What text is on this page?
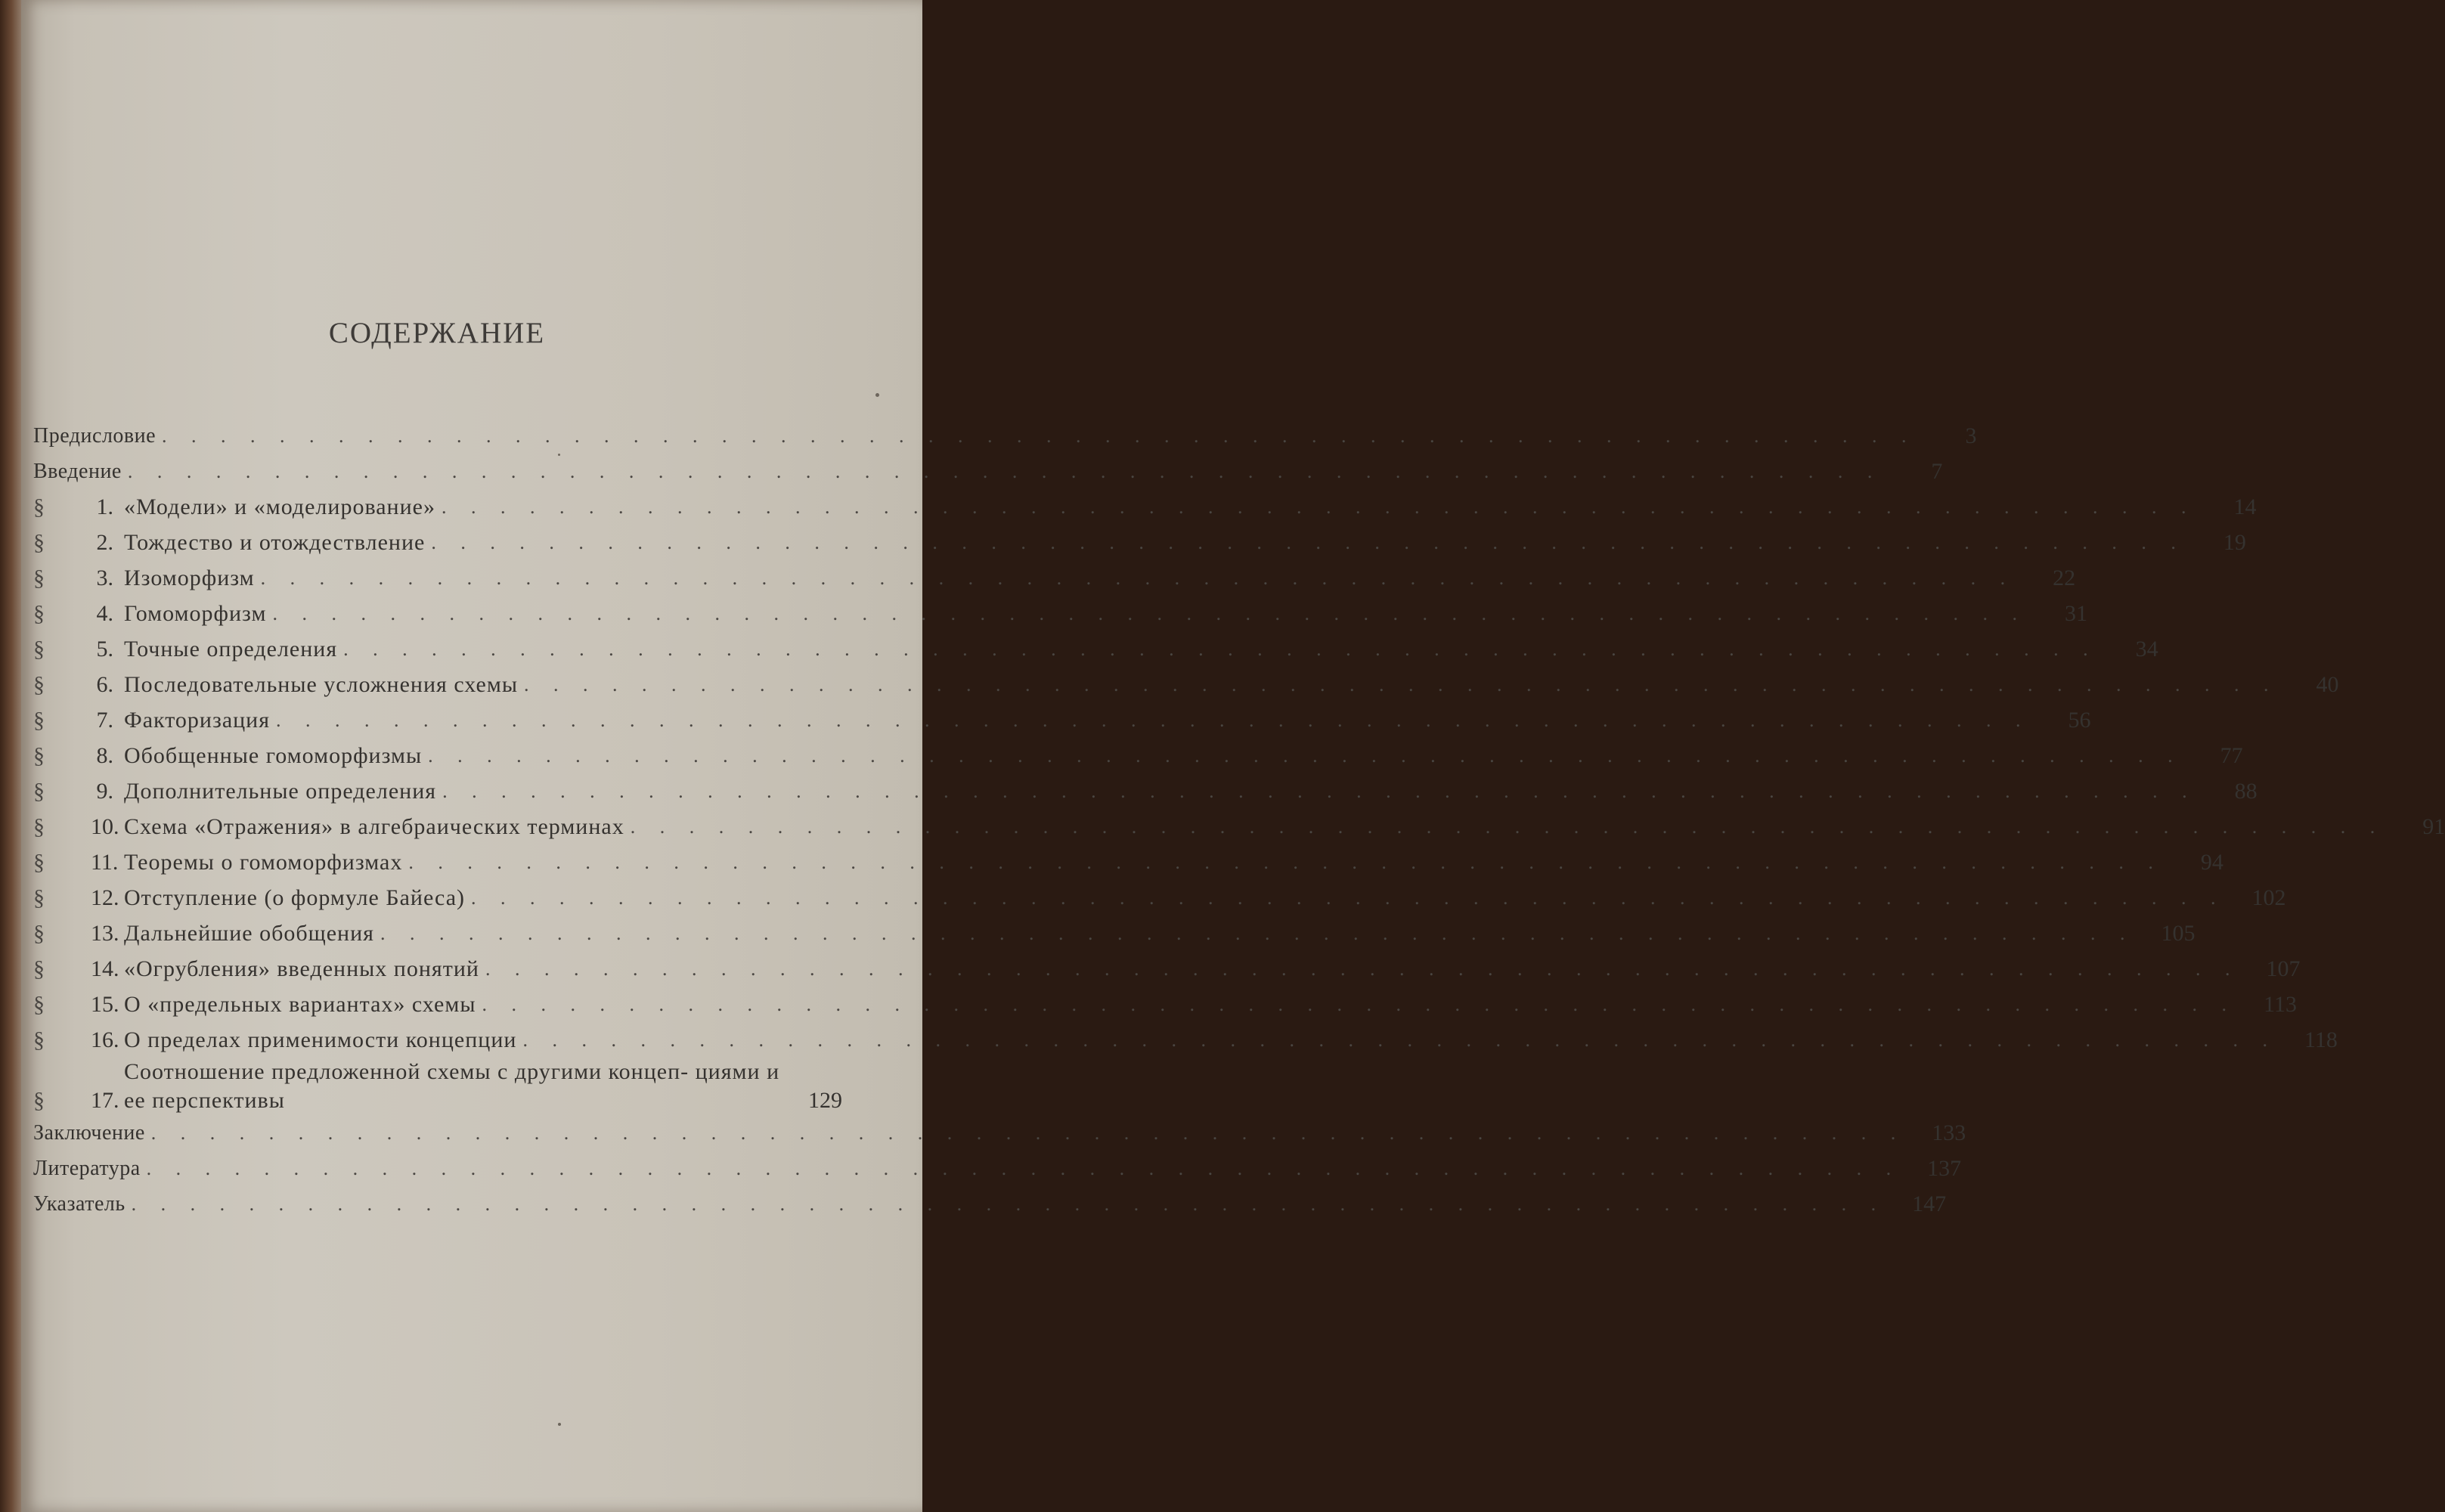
СОДЕРЖАНИЕ
Предисловие . . .	3
Введение . . .	7
§	1. «Модели» и «моделирование» . . .	14
§	2. Тождество и отождествление . . .	19
§	3. Изоморфизм . . .	22
§	4. Гомоморфизм . . .	31
§	5. Точные определения . . .	34
§	6. Последовательные усложнения схемы . . .	40
§	7. Факторизация . . .	56
§	8. Обобщенные гомоморфизмы . . .	77
§	9. Дополнительные определения . . .	88
§	10. Схема «Отражения» в алгебраических терминах . . .	91
§	11. Теоремы о гомоморфизмах . . .	94
§	12. Отступление (о формуле Байеса) . . .	102
§	13. Дальнейшие обобщения . . .	105
§	14. «Огрубления» введенных понятий . . .	107
§	15. О «предельных вариантах» схемы . . .	113
§	16. О пределах применимости концепции . . .	118
§	17.
Соотношение предложенной схемы с другими концеп- циями и ее перспективы	129
Заключение . . .	133
Литература . . .	137
Указатель . . .	147
